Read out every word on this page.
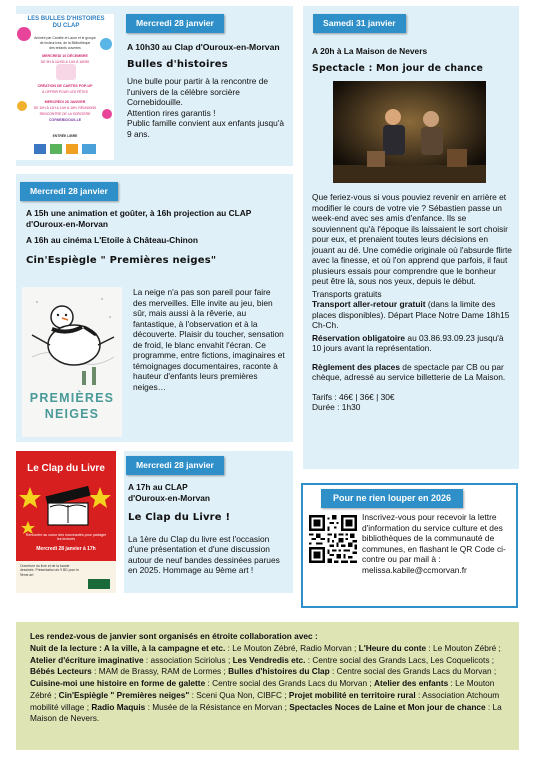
LES BULLES D'HISTOIRES DU CLAP
Animée par Camille et Laure et le groupe
de lecteur.ices, de la Bibliothèque
des enfants ouvertes
MERCREDI 10 DÉCEMBRE
DE 9H À 11H30 & 14H À 16H30
CRÉATION DE CARTES POP-UP
À OFFRIR POUR LES FÊTES
MERCREDI 28 JANVIER
DE 10H À 11H & 14H À 16H, RÉUNIONS
RENCONTRE DE LA SORCIÈRE
CORNEBIDOUILLE
ENTRÉE LIBRE
Mercredi 28 janvier

A 10h30 au Clap d'Ouroux-en-Morvan

Bulles d'histoires

Une bulle pour partir à la rencontre de l'univers de la célèbre sorcière Cornebidouille.

Attention rires garantis !

Public famille convient aux enfants jusqu'à 9 ans.

Mercredi 28 janvier

A 15h une animation et goûter, à 16h projection au CLAP d'Ouroux-en-Morvan

A 16h au cinéma L'Etoile à Château-Chinon

Cin'Espiègle " Premières neiges"

PREMIÈRES
NEIGES

La neige n'a pas son pareil pour faire des merveilles. Elle invite au jeu, bien sûr, mais aussi à la rêverie, au fantastique, à l'observation et à la découverte. Plaisir du toucher, sensation de froid, le blanc envahit l'écran. Ce programme, entre fictions, imaginaires et témoignages documentaires, raconte à hauteur d'enfants leurs premières neiges…

Le Clap du Livre
Rencontre au coeur des nouveautés pour partager les lectures
Mercredi 28 janvier à 17h
Ouverture du livre et de la bande dessinée. Présentation de 9 BD pour le 9ème art
Mercredi 28 janvier

A 17h au CLAP

d'Ouroux-en-Morvan

Le Clap du Livre !

La 1ère du Clap du livre est l'occasion d'une présentation et d'une discussion autour de neuf bandes dessinées parues en 2025. Hommage au 9ème art !

Samedi 31 janvier

A 20h à La Maison de Nevers

Spectacle : Mon jour de chance

Que feriez-vous si vous pouviez revenir en arrière et modifier le cours de votre vie ? Sébastien passe un week-end avec ses amis d'enfance. Ils se souviennent qu'à l'époque ils laissaient le sort choisir pour eux, et prenaient toutes leurs décisions en jouant au dé. Une comédie originale où l'absurde flirte avec la finesse, et où l'on apprend que parfois, il faut plusieurs essais pour comprendre que le bonheur peut être là, sous nos yeux, depuis le début.

Transports gratuits

Transport aller-retour gratuit (dans la limite des places disponibles). Départ Place Notre Dame 18h15 Ch-Ch.

Réservation obligatoire au 03.86.93.09.23 jusqu'à 10 jours avant la représentation.

Règlement des places de spectacle par CB ou par chèque, adressé au service billetterie de La Maison.

Tarifs : 46€ | 36€ | 30€

Durée : 1h30

Pour ne rien louper en 2026

Inscrivez-vous pour recevoir la lettre d'information du service culture et des bibliothèques de la communauté de communes, en flashant le QR Code ci-contre ou par mail à :

melissa.kabile@ccmorvan.fr

Les rendez-vous de janvier sont organisés en étroite collaboration avec :

Nuit de la lecture : A la ville, à la campagne et etc. : Le Mouton Zébré, Radio Morvan ; L'Heure du conte : Le Mouton Zébré ; Atelier d'écriture imaginative : association Sciriolus ; Les Vendredis etc. : Centre social des Grands Lacs, Les Coquelicots ; Bébés Lecteurs : MAM de Brassy, RAM de Lormes ; Bulles d'histoires du Clap : Centre social des Grands Lacs du Morvan ; Cuisine-moi une histoire en forme de galette : Centre social des Grands Lacs du Morvan ; Atelier des enfants : Le Mouton Zébré ; Cin'Espiègle " Premières neiges" : Sceni Qua Non, CIBFC ; Projet mobilité en territoire rural : Association Atchoum mobilité village ; Radio Maquis : Musée de la Résistance en Morvan ; Spectacles Noces de Laine et Mon jour de chance : La Maison de Nevers.
